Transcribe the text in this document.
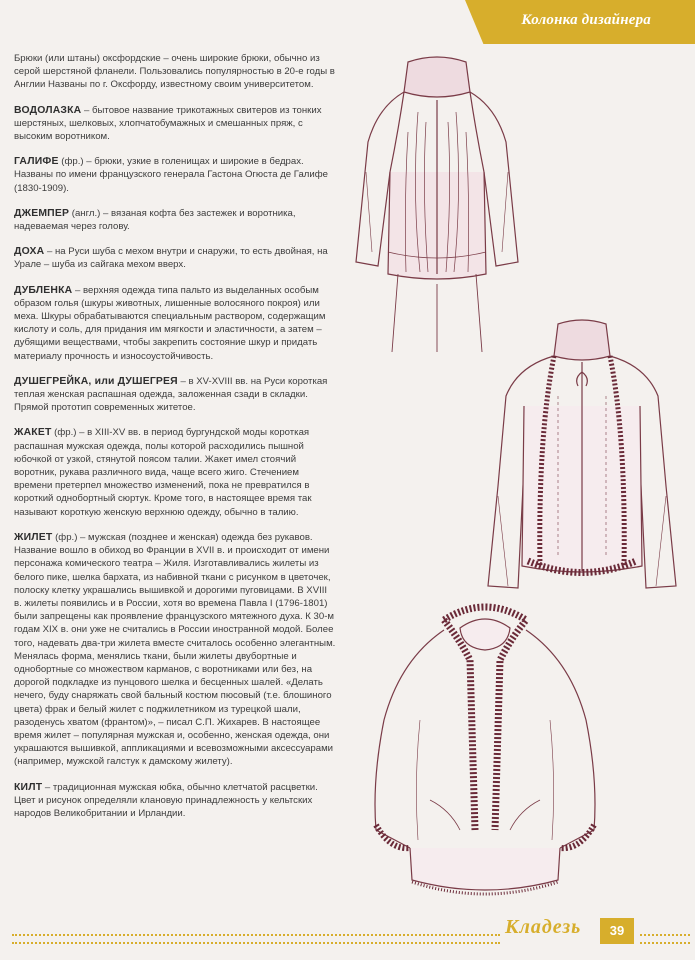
Колонка дизайнера

Брюки (или штаны) оксфордские – очень широкие брюки, обычно из серой шерстяной фланели. Пользовались популярностью в 20-е годы в Англии Названы по г. Оксфорду, известному своим университетом.

ВОДОЛАЗКА – бытовое название трикотажных свитеров из тонких шерстяных, шелковых, хлопчатобумажных и смешанных пряж, с высоким воротником.

ГАЛИФЕ (фр.) – брюки, узкие в голенищах и широкие в бедрах. Названы по имени французского генерала Гастона Огюста де Галифе (1830-1909).

ДЖЕМПЕР (англ.) – вязаная кофта без застежек и воротника, надеваемая через голову.

ДОХА – на Руси шуба с мехом внутри и снаружи, то есть двойная, на Урале – шуба из сайгака мехом вверх.

ДУБЛЕНКА – верхняя одежда типа пальто из выделанных особым образом голья (шкуры животных, лишенные волосяного покроя) или меха. Шкуры обрабатываются специальным раствором, содержащим кислоту и соль, для придания им мягкости и эластичности, а затем – дубящими веществами, чтобы закрепить состояние шкур и придать материалу прочность и износоустойчивость.

ДУШЕГРЕЙКА, или ДУШЕГРЕЯ – в XV-XVIII вв. на Руси короткая теплая женская распашная одежда, заложенная сзади в складки. Прямой прототип современных житетое.

ЖАКЕТ (фр.) – в XIII-XV вв. в период бургундской моды короткая распашная мужская одежда, полы которой расходились пышной юбочкой от узкой, стянутой поясом талии. Жакет имел стоячий воротник, рукава различного вида, чаще всего жиго. Стечением времени претерпел множество изменений, пока не превратился в короткий однобортный сюртук. Кроме того, в настоящее время так называют короткую женскую верхнюю одежду, обычно в талию.

ЖИЛЕТ (фр.) – мужская (позднее и женская) одежда без рукавов. Название вошло в обиход во Франции в XVII в. и происходит от имени персонажа комического театра – Жиля. Изготавливались жилеты из белого пике, шелка бархата, из набивной ткани с рисунком в цветочек, полоску клетку украшались вышивкой и дорогими пуговицами. В XVIII в. жилеты появились и в России, хотя во времена Павла I (1796-1801) были запрещены как проявление французского мятежного духа. К 30-м годам XIX в. они уже не считались в России иностранной модой. Более того, надевать два-три жилета вместе считалось особенно элегантным. Менялась форма, менялись ткани, были жилеты двубортные и однобортные со множеством карманов, с воротниками или без, на дорогой подкладке из пунцового шелка и бесценных шалей. «Делать нечего, буду снаряжать свой бальный костюм пюсовый (т.е. блошиного цвета) фрак и белый жилет с поджилетником из турецкой шали, разоденусь хватом (франтом)», – писал С.П. Жихарев. В настоящее время жилет – популярная мужская и, особенно, женская одежда, они украшаются вышивкой, аппликациями и всевозможными аксессуарами (например, мужской галстук к дамскому жилету).

КИЛТ – традиционная мужская юбка, обычно клетчатой расцветки. Цвет и рисунок определяли клановую принадлежность у кельтских народов Великобритании и Ирландии.

Кладезь	39
